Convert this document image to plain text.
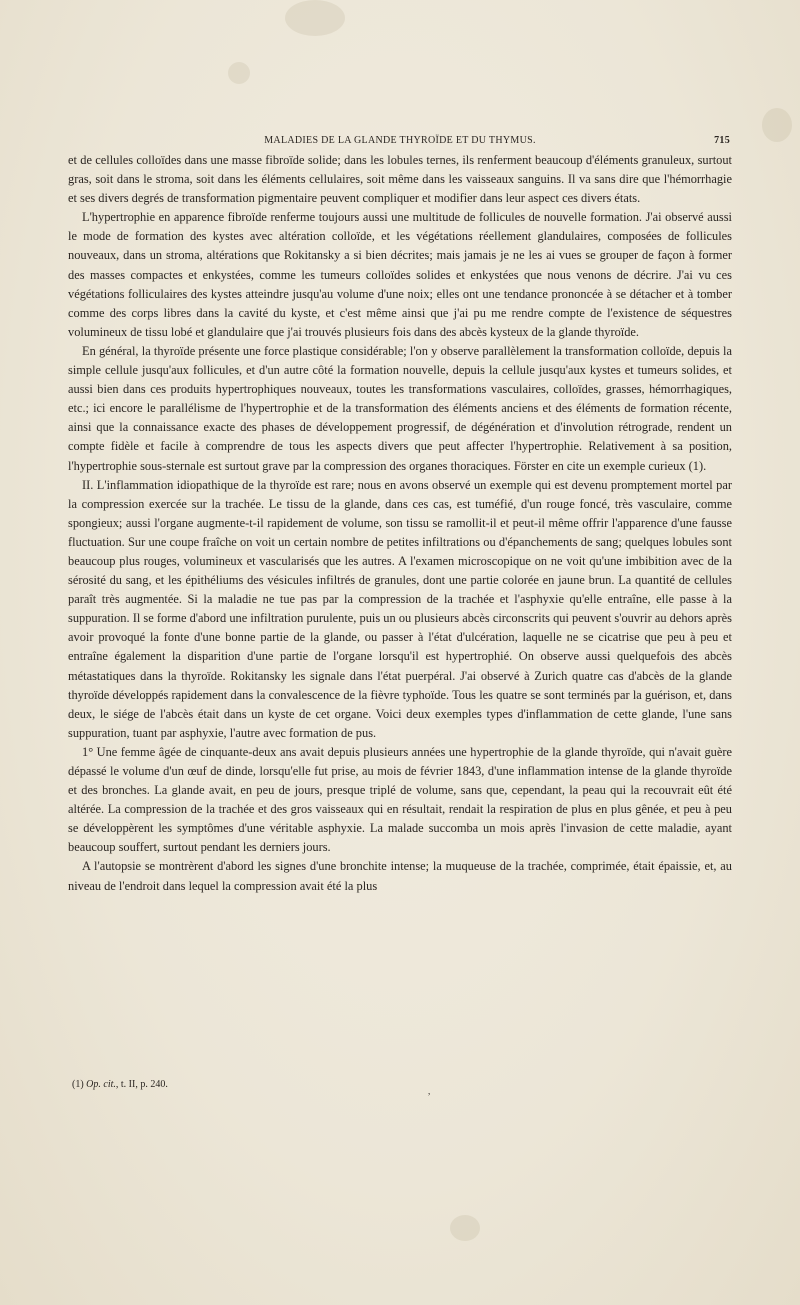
MALADIES DE LA GLANDE THYROÏDE ET DU THYMUS.	715

et de cellules colloïdes dans une masse fibroïde solide; dans les lobules ternes, ils renferment beaucoup d'éléments granuleux, surtout gras, soit dans le stroma, soit dans les éléments cellulaires, soit même dans les vaisseaux sanguins. Il va sans dire que l'hémorrhagie et ses divers degrés de transformation pigmentaire peuvent compliquer et modifier dans leur aspect ces divers états.

L'hypertrophie en apparence fibroïde renferme toujours aussi une multitude de follicules de nouvelle formation. J'ai observé aussi le mode de formation des kystes avec altération colloïde, et les végétations réellement glandulaires, composées de follicules nouveaux, dans un stroma, altérations que Rokitansky a si bien décrites; mais jamais je ne les ai vues se grouper de façon à former des masses compactes et enkystées, comme les tumeurs colloïdes solides et enkystées que nous venons de décrire. J'ai vu ces végétations folliculaires des kystes atteindre jusqu'au volume d'une noix; elles ont une tendance prononcée à se détacher et à tomber comme des corps libres dans la cavité du kyste, et c'est même ainsi que j'ai pu me rendre compte de l'existence de séquestres volumineux de tissu lobé et glandulaire que j'ai trouvés plusieurs fois dans des abcès kysteux de la glande thyroïde.

En général, la thyroïde présente une force plastique considérable; l'on y observe parallèlement la transformation colloïde, depuis la simple cellule jusqu'aux follicules, et d'un autre côté la formation nouvelle, depuis la cellule jusqu'aux kystes et tumeurs solides, et aussi bien dans ces produits hypertrophiques nouveaux, toutes les transformations vasculaires, colloïdes, grasses, hémorrhagiques, etc.; ici encore le parallélisme de l'hypertrophie et de la transformation des éléments anciens et des éléments de formation récente, ainsi que la connaissance exacte des phases de développement progressif, de dégénération et d'involution rétrograde, rendent un compte fidèle et facile à comprendre de tous les aspects divers que peut affecter l'hypertrophie. Relativement à sa position, l'hypertrophie sous-sternale est surtout grave par la compression des organes thoraciques. Förster en cite un exemple curieux (1).

II. L'inflammation idiopathique de la thyroïde est rare; nous en avons observé un exemple qui est devenu promptement mortel par la compression exercée sur la trachée. Le tissu de la glande, dans ces cas, est tuméfié, d'un rouge foncé, très vasculaire, comme spongieux; aussi l'organe augmente-t-il rapidement de volume, son tissu se ramollit-il et peut-il même offrir l'apparence d'une fausse fluctuation. Sur une coupe fraîche on voit un certain nombre de petites infiltrations ou d'épanchements de sang; quelques lobules sont beaucoup plus rouges, volumineux et vascularisés que les autres. A l'examen microscopique on ne voit qu'une imbibition avec de la sérosité du sang, et les épithéliums des vésicules infiltrés de granules, dont une partie colorée en jaune brun. La quantité de cellules paraît très augmentée. Si la maladie ne tue pas par la compression de la trachée et l'asphyxie qu'elle entraîne, elle passe à la suppuration. Il se forme d'abord une infiltration purulente, puis un ou plusieurs abcès circonscrits qui peuvent s'ouvrir au dehors après avoir provoqué la fonte d'une bonne partie de la glande, ou passer à l'état d'ulcération, laquelle ne se cicatrise que peu à peu et entraîne également la disparition d'une partie de l'organe lorsqu'il est hypertrophié. On observe aussi quelquefois des abcès métastatiques dans la thyroïde. Rokitansky les signale dans l'état puerpéral. J'ai observé à Zurich quatre cas d'abcès de la glande thyroïde développés rapidement dans la convalescence de la fièvre typhoïde. Tous les quatre se sont terminés par la guérison, et, dans deux, le siége de l'abcès était dans un kyste de cet organe. Voici deux exemples types d'inflammation de cette glande, l'une sans suppuration, tuant par asphyxie, l'autre avec formation de pus.

1° Une femme âgée de cinquante-deux ans avait depuis plusieurs années une hypertrophie de la glande thyroïde, qui n'avait guère dépassé le volume d'un œuf de dinde, lorsqu'elle fut prise, au mois de février 1843, d'une inflammation intense de la glande thyroïde et des bronches. La glande avait, en peu de jours, presque triplé de volume, sans que, cependant, la peau qui la recouvrait eût été altérée. La compression de la trachée et des gros vaisseaux qui en résultait, rendait la respiration de plus en plus gênée, et peu à peu se développèrent les symptômes d'une véritable asphyxie. La malade succomba un mois après l'invasion de cette maladie, ayant beaucoup souffert, surtout pendant les derniers jours.

A l'autopsie se montrèrent d'abord les signes d'une bronchite intense; la muqueuse de la trachée, comprimée, était épaissie, et, au niveau de l'endroit dans lequel la compression avait été la plus

(1) Op. cit., t. II, p. 240.
,
